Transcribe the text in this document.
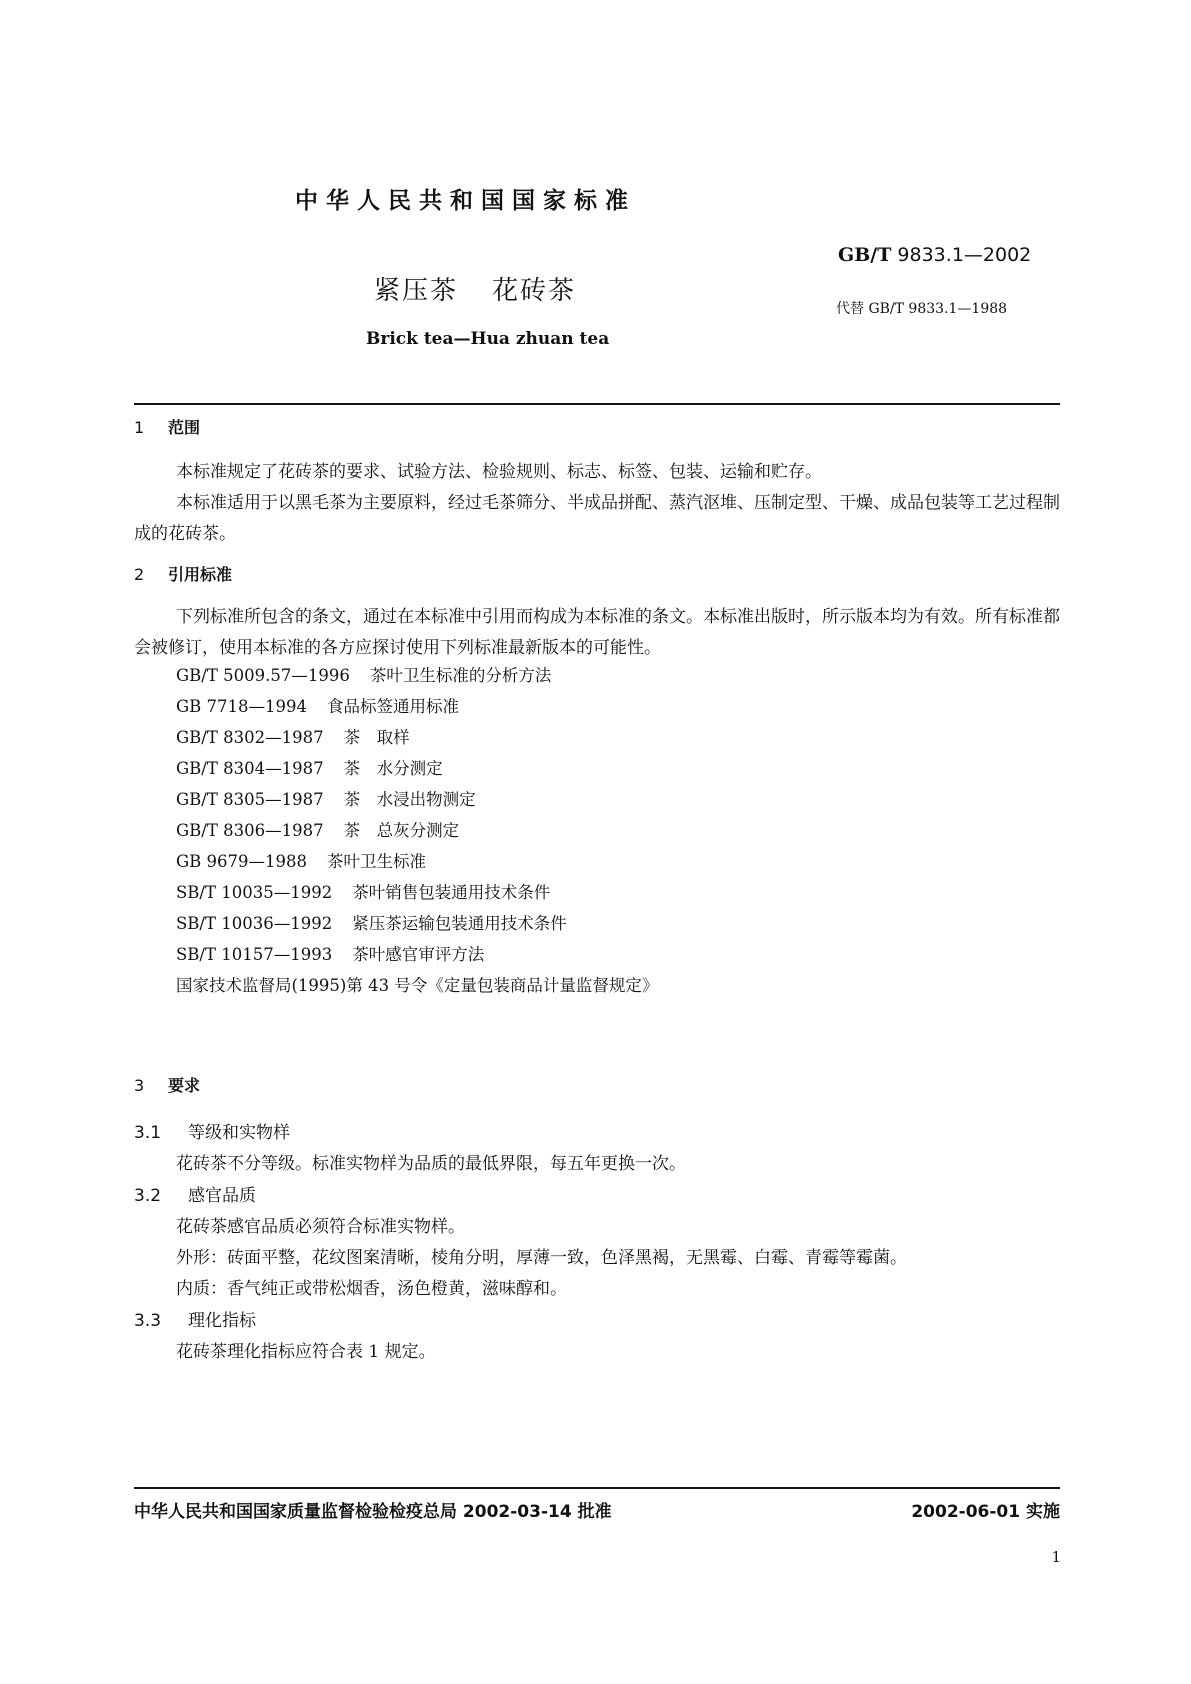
中华人民共和国国家标准
GB/T 9833.1—2002
紧压茶 花砖茶
代替 GB/T 9833.1—1988
Brick tea—Hua zhuan tea
1 范围
本标准规定了花砖茶的要求、试验方法、检验规则、标志、标签、包装、运输和贮存。
本标准适用于以黑毛茶为主要原料，经过毛茶筛分、半成品拼配、蒸汽沤堆、压制定型、干燥、成品包装等工艺过程制成的花砖茶。
2 引用标准
下列标准所包含的条文，通过在本标准中引用而构成为本标准的条文。本标准出版时，所示版本均为有效。所有标准都会被修订，使用本标准的各方应探讨使用下列标准最新版本的可能性。
GB/T 5009.57—1996 茶叶卫生标准的分析方法
GB 7718—1994 食品标签通用标准
GB/T 8302—1987 茶　取样
GB/T 8304—1987 茶　水分测定
GB/T 8305—1987 茶　水浸出物测定
GB/T 8306—1987 茶　总灰分测定
GB 9679—1988 茶叶卫生标准
SB/T 10035—1992 茶叶销售包装通用技术条件
SB/T 10036—1992 紧压茶运输包装通用技术条件
SB/T 10157—1993 茶叶感官审评方法
国家技术监督局(1995)第 43 号令《定量包装商品计量监督规定》
3 要求
3.1 等级和实物样
花砖茶不分等级。标准实物样为品质的最低界限，每五年更换一次。
3.2 感官品质
花砖茶感官品质必须符合标准实物样。
外形：砖面平整，花纹图案清晰，棱角分明，厚薄一致，色泽黑褐，无黑霉、白霉、青霉等霉菌。
内质：香气纯正或带松烟香，汤色橙黄，滋味醇和。
3.3 理化指标
花砖茶理化指标应符合表 1 规定。
中华人民共和国国家质量监督检验检疫总局 2002-03-14 批准	2002-06-01 实施
1
